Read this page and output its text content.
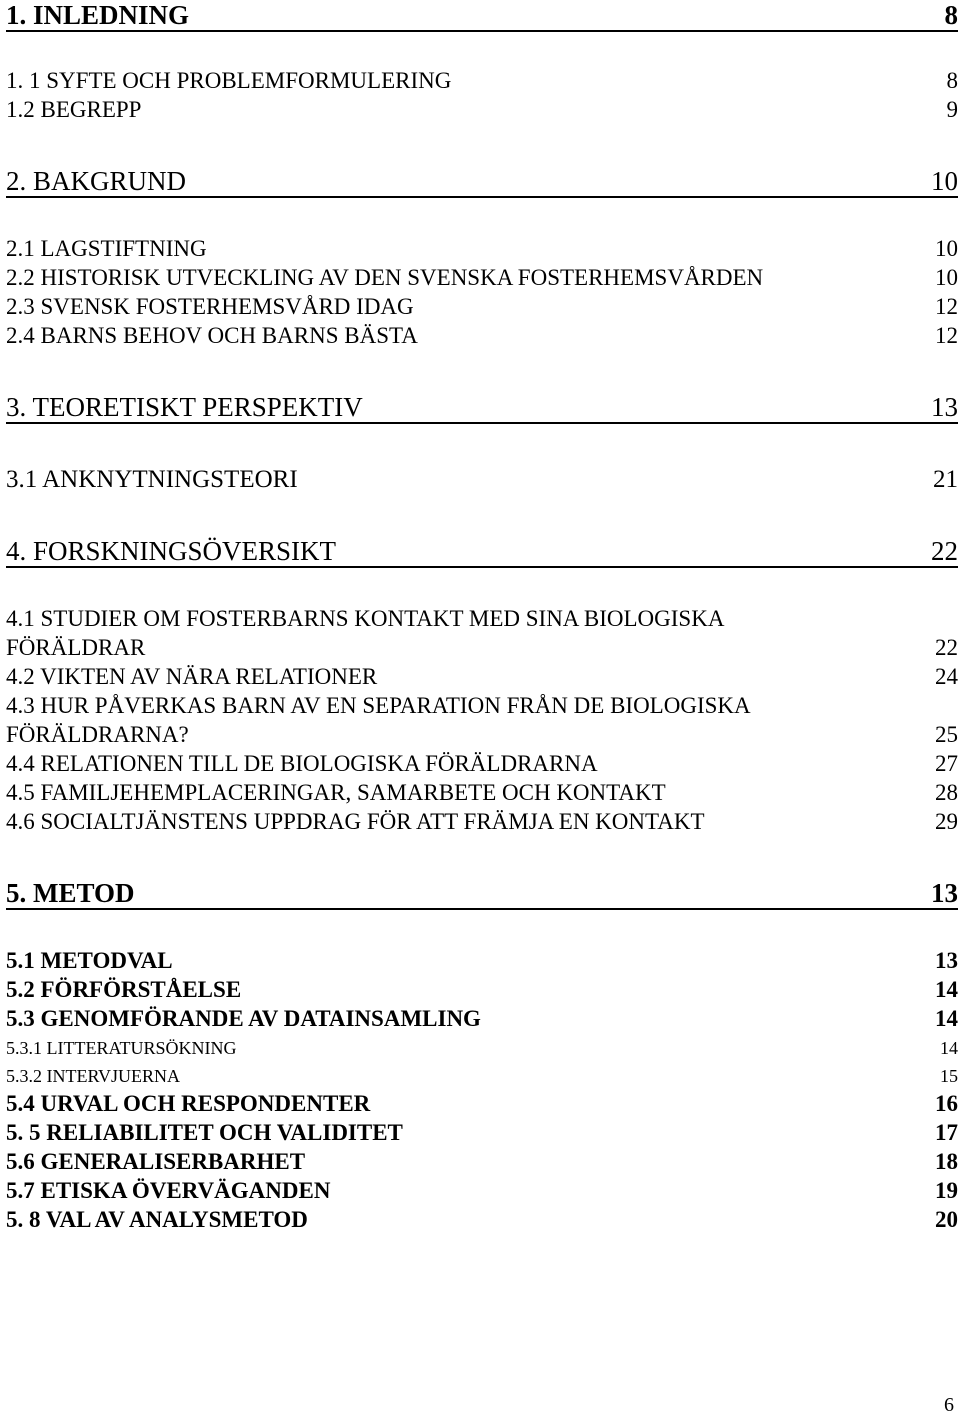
1. INLEDNING	8
1. 1 SYFTE OCH PROBLEMFORMULERING	8
1.2 BEGREPP	9
2. BAKGRUND	10
2.1 LAGSTIFTNING	10
2.2 HISTORISK UTVECKLING AV DEN SVENSKA FOSTERHEMSVÅRDEN	10
2.3 SVENSK FOSTERHEMSVÅRD IDAG	12
2.4 BARNS BEHOV OCH BARNS BÄSTA	12
3. TEORETISKT PERSPEKTIV	13
3.1 ANKNYTNINGSTEORI	21
4. FORSKNINGSÖVERSIKT	22
4.1 STUDIER OM FOSTERBARNS KONTAKT MED SINA BIOLOGISKA
FÖRÄLDRAR	22
4.2 VIKTEN AV NÄRA RELATIONER	24
4.3 HUR PÅVERKAS BARN AV EN SEPARATION FRÅN DE BIOLOGISKA
FÖRÄLDRARNA?	25
4.4 RELATIONEN TILL DE BIOLOGISKA FÖRÄLDRARNA	27
4.5 FAMILJEHEMPLACERINGAR, SAMARBETE OCH KONTAKT	28
4.6 SOCIALTJÄNSTENS UPPDRAG FÖR ATT FRÄMJA EN KONTAKT	29
5. METOD	13
5.1 METODVAL	13
5.2 FÖRFÖRSTÅELSE	14
5.3 GENOMFÖRANDE AV DATAINSAMLING	14
5.3.1 LITTERATURSÖKNING	14
5.3.2 INTERVJUERNA	15
5.4 URVAL OCH RESPONDENTER	16
5. 5 RELIABILITET OCH VALIDITET	17
5.6 GENERALISERBARHET	18
5.7 ETISKA ÖVERVÄGANDEN	19
5. 8 VAL AV ANALYSMETOD	20
6
